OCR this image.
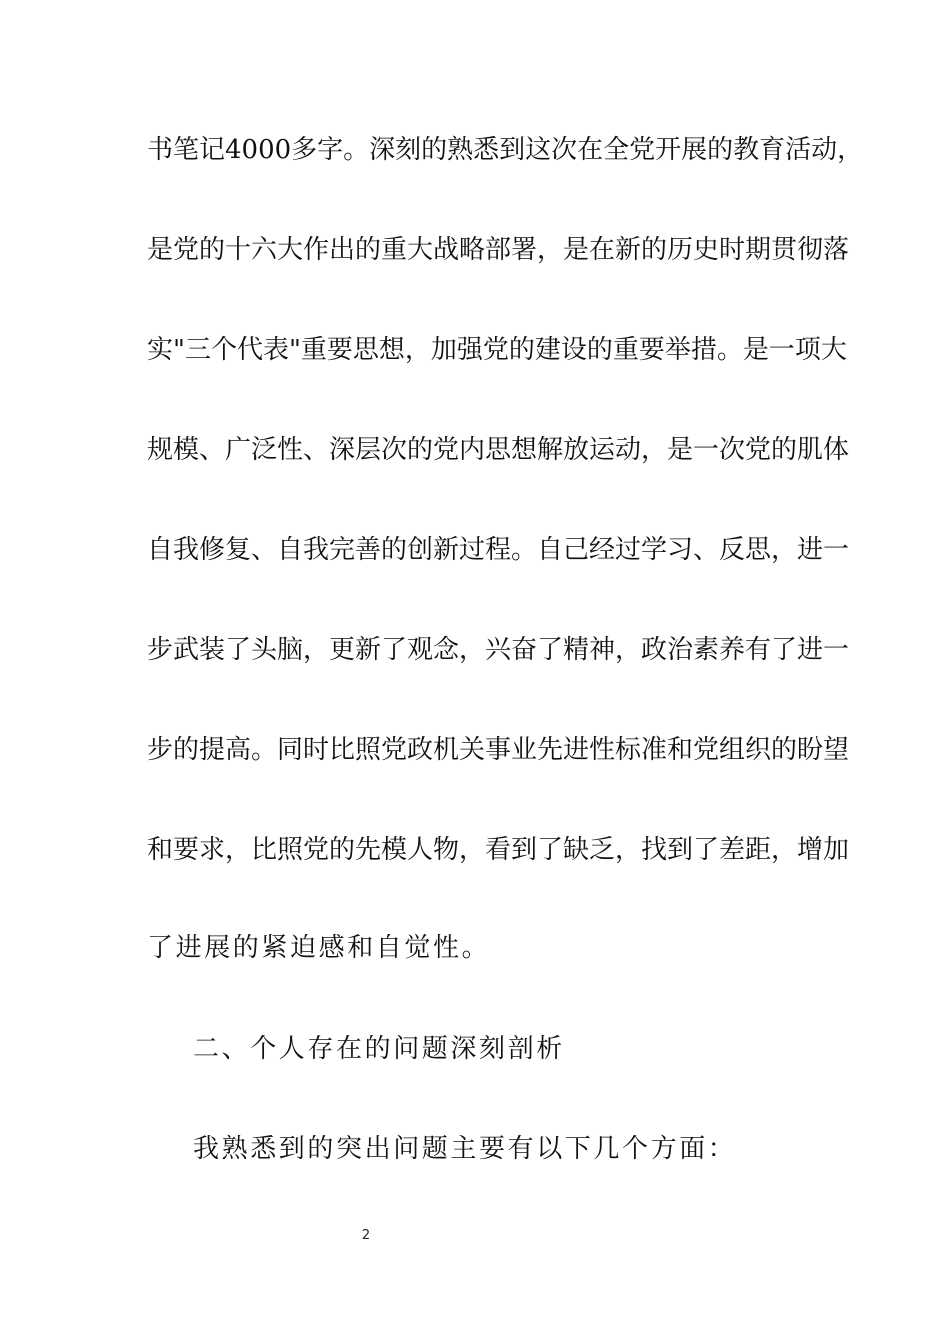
书笔记4000多字。深刻的熟悉到这次在全党开展的教育活动，
是党的十六大作出的重大战略部署，是在新的历史时期贯彻落
实"三个代表"重要思想，加强党的建设的重要举措。是一项大
规模、广泛性、深层次的党内思想解放运动，是一次党的肌体
自我修复、自我完善的创新过程。自己经过学习、反思，进一
步武装了头脑，更新了观念，兴奋了精神，政治素养有了进一
步的提高。同时比照党政机关事业先进性标准和党组织的盼望
和要求，比照党的先模人物，看到了缺乏，找到了差距，增加
了进展的紧迫感和自觉性。
二、个人存在的问题深刻剖析
我熟悉到的突出问题主要有以下几个方面：
2
